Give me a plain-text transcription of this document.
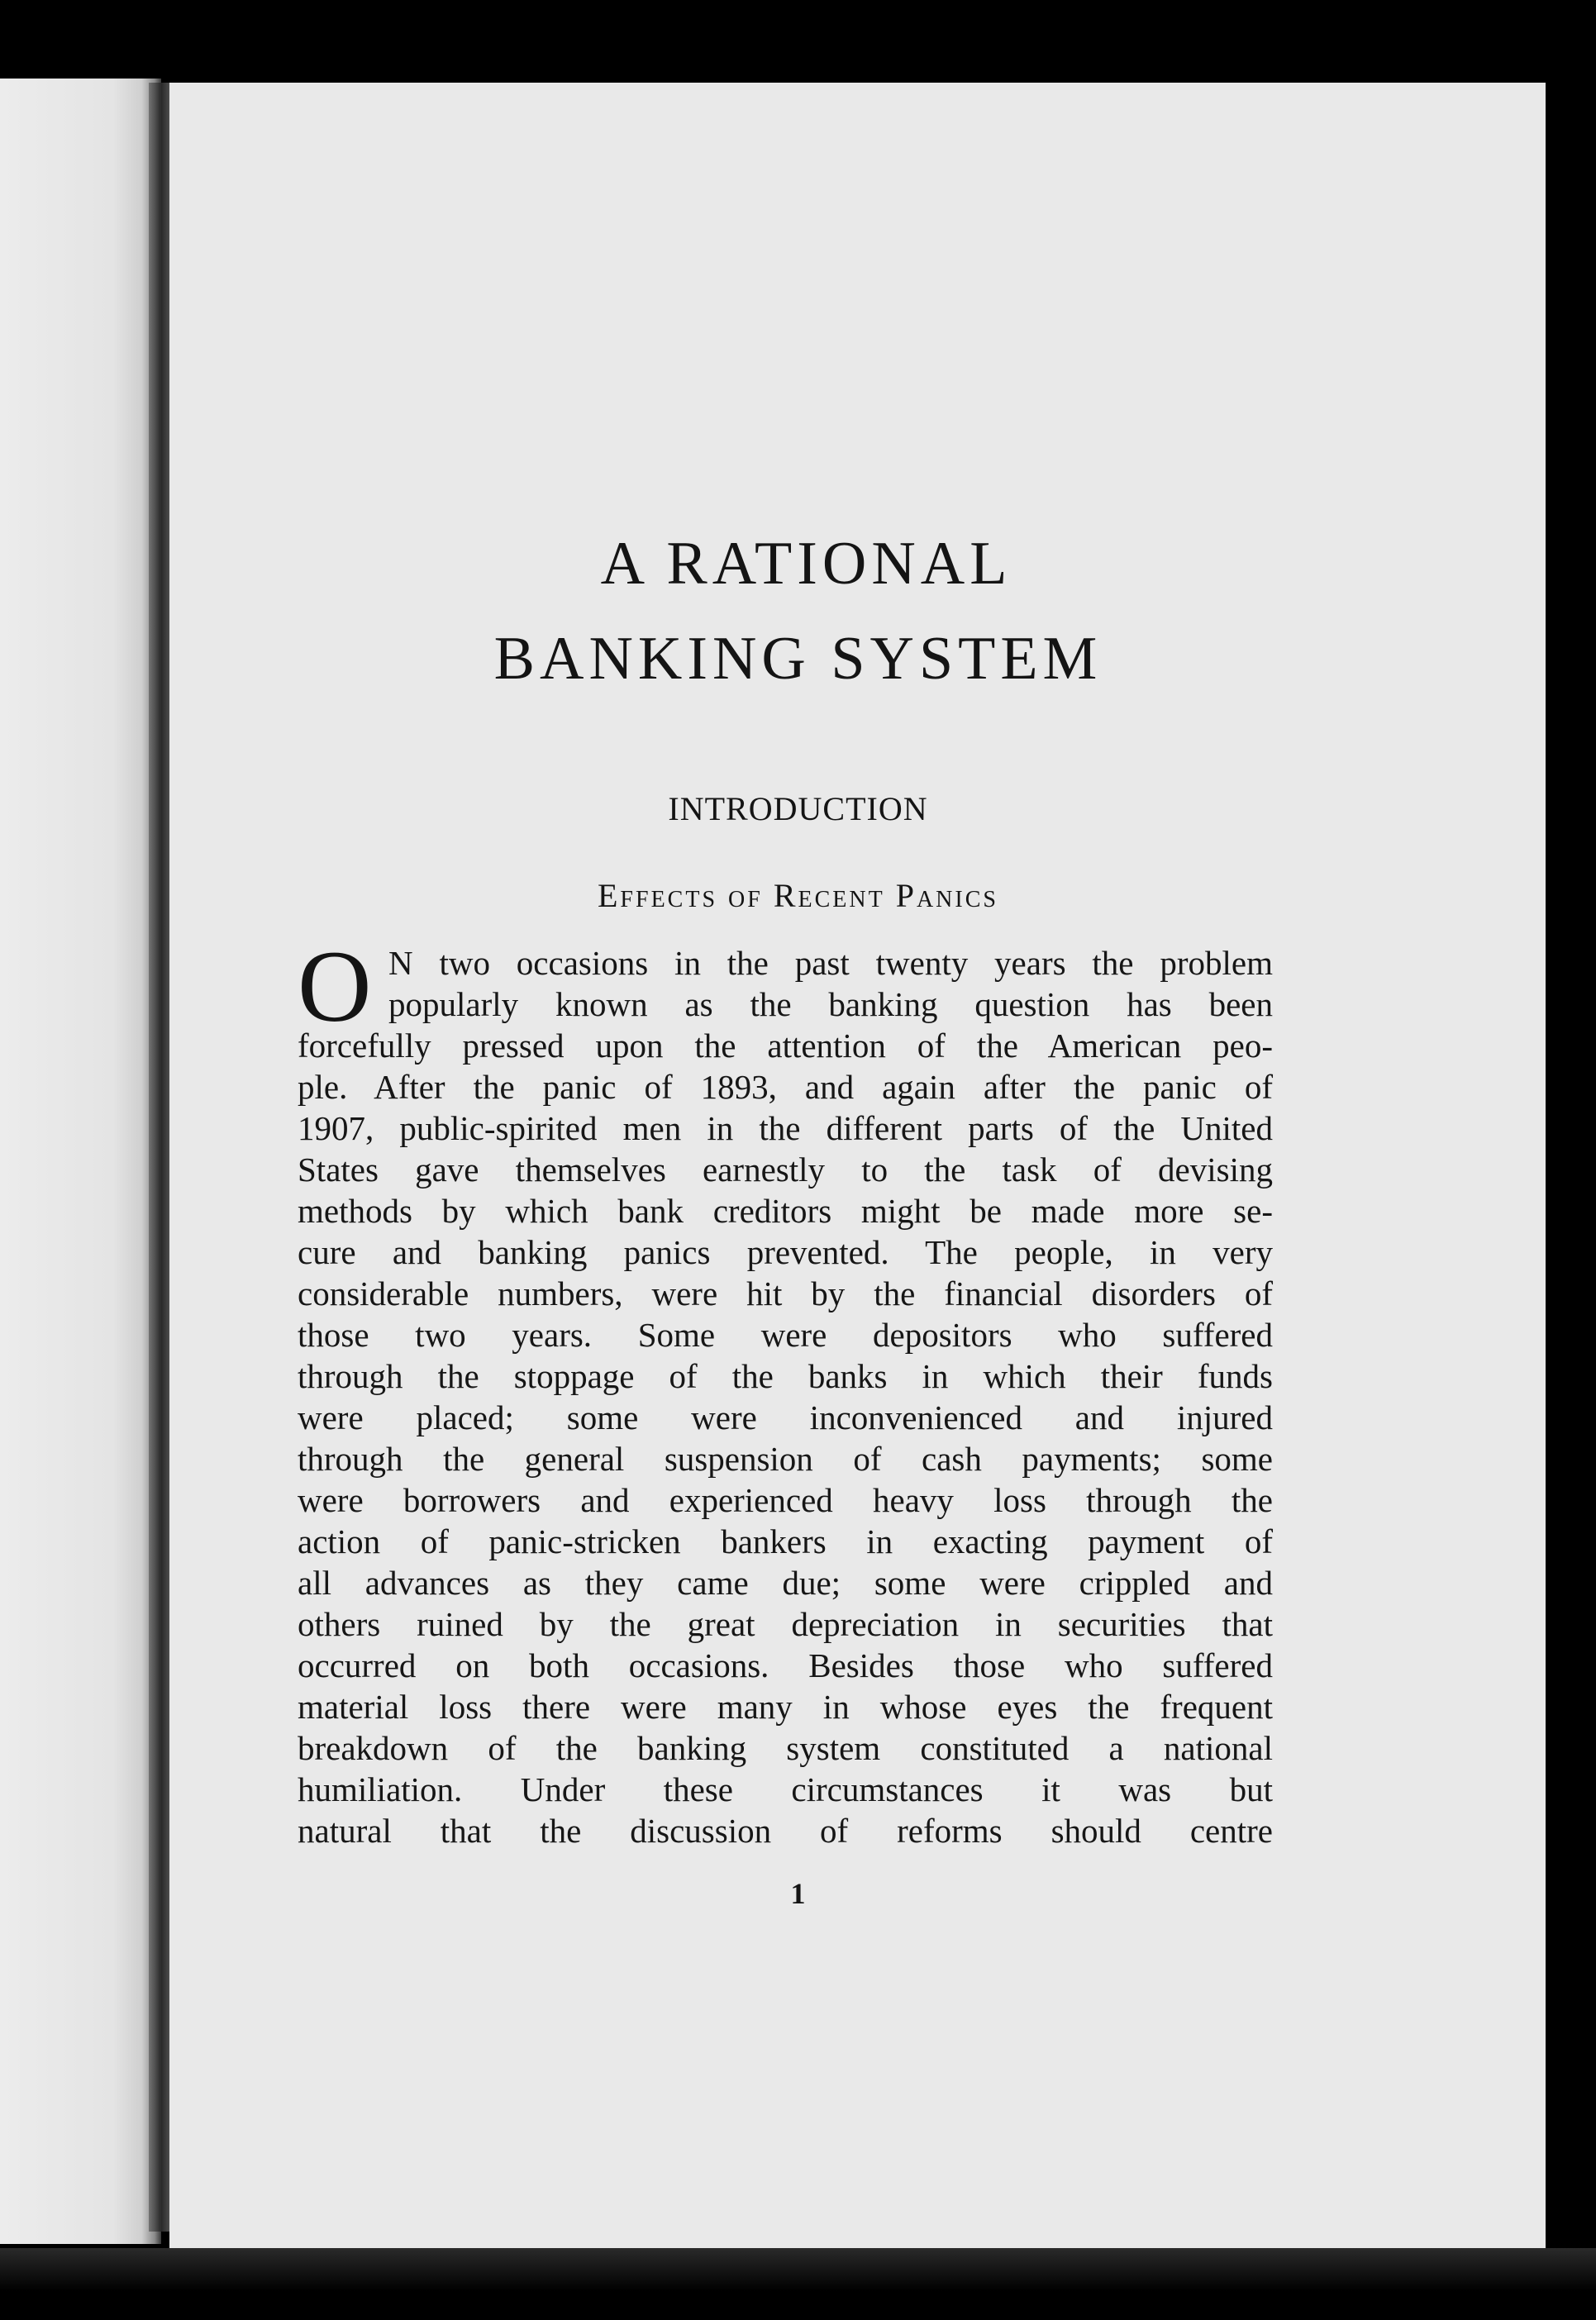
A RATIONAL
BANKING SYSTEM
INTRODUCTION
Effects of Recent Panics
O N two occasions in the past twenty years the problem
popularly known as the banking question has been
forcefully pressed upon the attention of the American peo-
ple. After the panic of 1893, and again after the panic of
1907, public-spirited men in the different parts of the United
States gave themselves earnestly to the task of devising
methods by which bank creditors might be made more se-
cure and banking panics prevented. The people, in very
considerable numbers, were hit by the financial disorders of
those two years. Some were depositors who suffered
through the stoppage of the banks in which their funds
were placed; some were inconvenienced and injured
through the general suspension of cash payments; some
were borrowers and experienced heavy loss through the
action of panic-stricken bankers in exacting payment of
all advances as they came due; some were crippled and
others ruined by the great depreciation in securities that
occurred on both occasions. Besides those who suffered
material loss there were many in whose eyes the frequent
breakdown of the banking system constituted a national
humiliation. Under these circumstances it was but
natural that the discussion of reforms should centre
1
